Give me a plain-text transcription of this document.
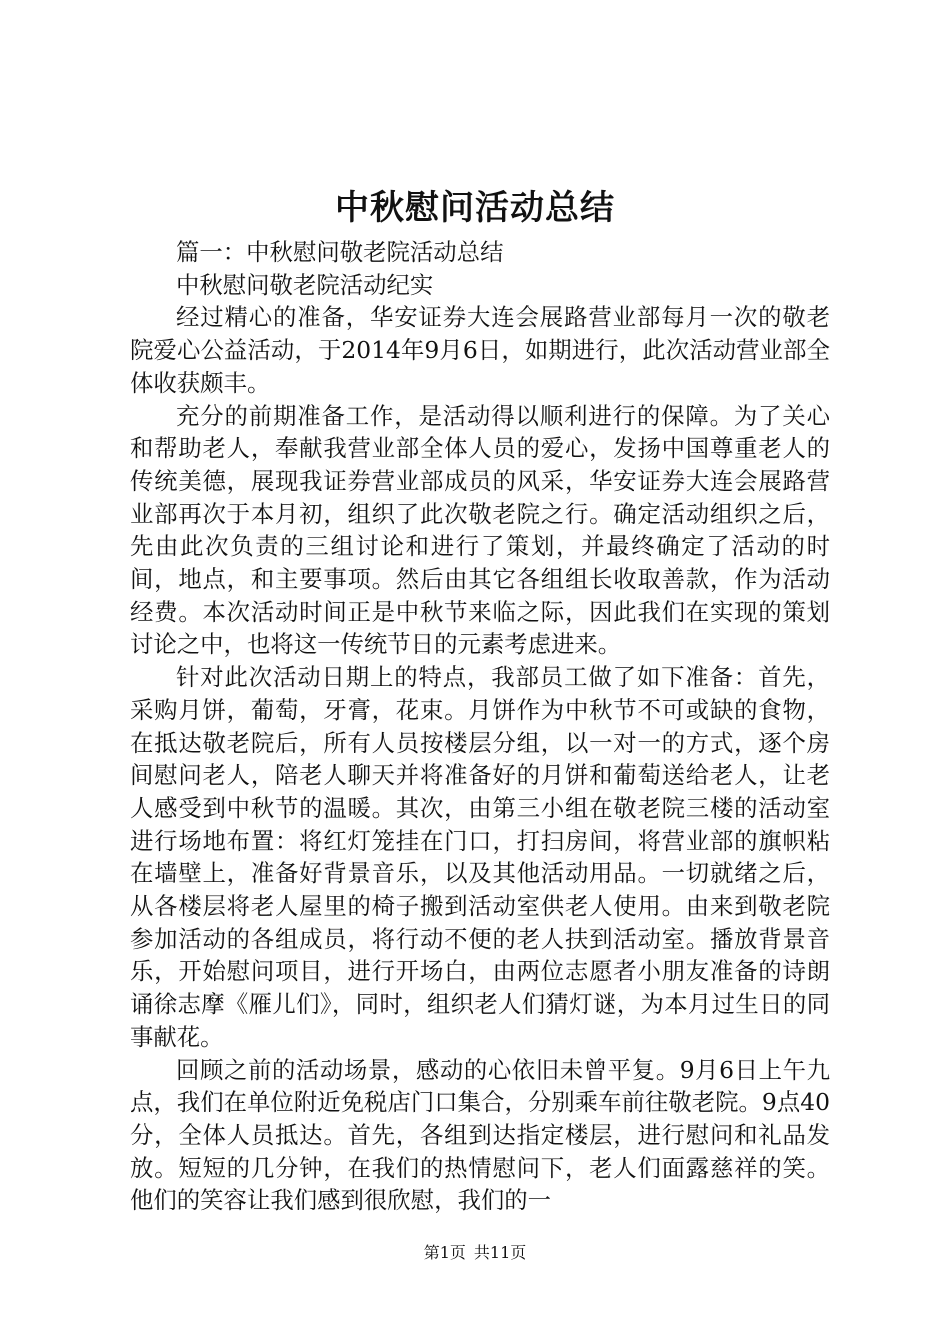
中秋慰问活动总结

篇一：中秋慰问敬老院活动总结

中秋慰问敬老院活动纪实

经过精心的准备，华安证券大连会展路营业部每月一次的敬老院爱心公益活动，于2014年9月6日，如期进行，此次活动营业部全体收获颇丰。

充分的前期准备工作，是活动得以顺利进行的保障。为了关心和帮助老人，奉献我营业部全体人员的爱心，发扬中国尊重老人的传统美德，展现我证券营业部成员的风采，华安证券大连会展路营业部再次于本月初，组织了此次敬老院之行。确定活动组织之后，先由此次负责的三组讨论和进行了策划，并最终确定了活动的时间，地点，和主要事项。然后由其它各组组长收取善款，作为活动经费。本次活动时间正是中秋节来临之际，因此我们在实现的策划讨论之中，也将这一传统节日的元素考虑进来。

针对此次活动日期上的特点，我部员工做了如下准备：首先，采购月饼，葡萄，牙膏，花束。月饼作为中秋节不可或缺的食物，在抵达敬老院后，所有人员按楼层分组，以一对一的方式，逐个房间慰问老人，陪老人聊天并将准备好的月饼和葡萄送给老人，让老人感受到中秋节的温暖。其次，由第三小组在敬老院三楼的活动室进行场地布置：将红灯笼挂在门口，打扫房间，将营业部的旗帜粘在墙壁上，准备好背景音乐，以及其他活动用品。一切就绪之后，从各楼层将老人屋里的椅子搬到活动室供老人使用。由来到敬老院参加活动的各组成员，将行动不便的老人扶到活动室。播放背景音乐，开始慰问项目，进行开场白，由两位志愿者小朋友准备的诗朗诵徐志摩《雁儿们》，同时，组织老人们猜灯谜，为本月过生日的同事献花。

回顾之前的活动场景，感动的心依旧未曾平复。9月6日上午九点，我们在单位附近免税店门口集合，分别乘车前往敬老院。9点40分，全体人员抵达。首先，各组到达指定楼层，进行慰问和礼品发放。短短的几分钟，在我们的热情慰问下，老人们面露慈祥的笑。他们的笑容让我们感到很欣慰，我们的一

第1页 共11页
